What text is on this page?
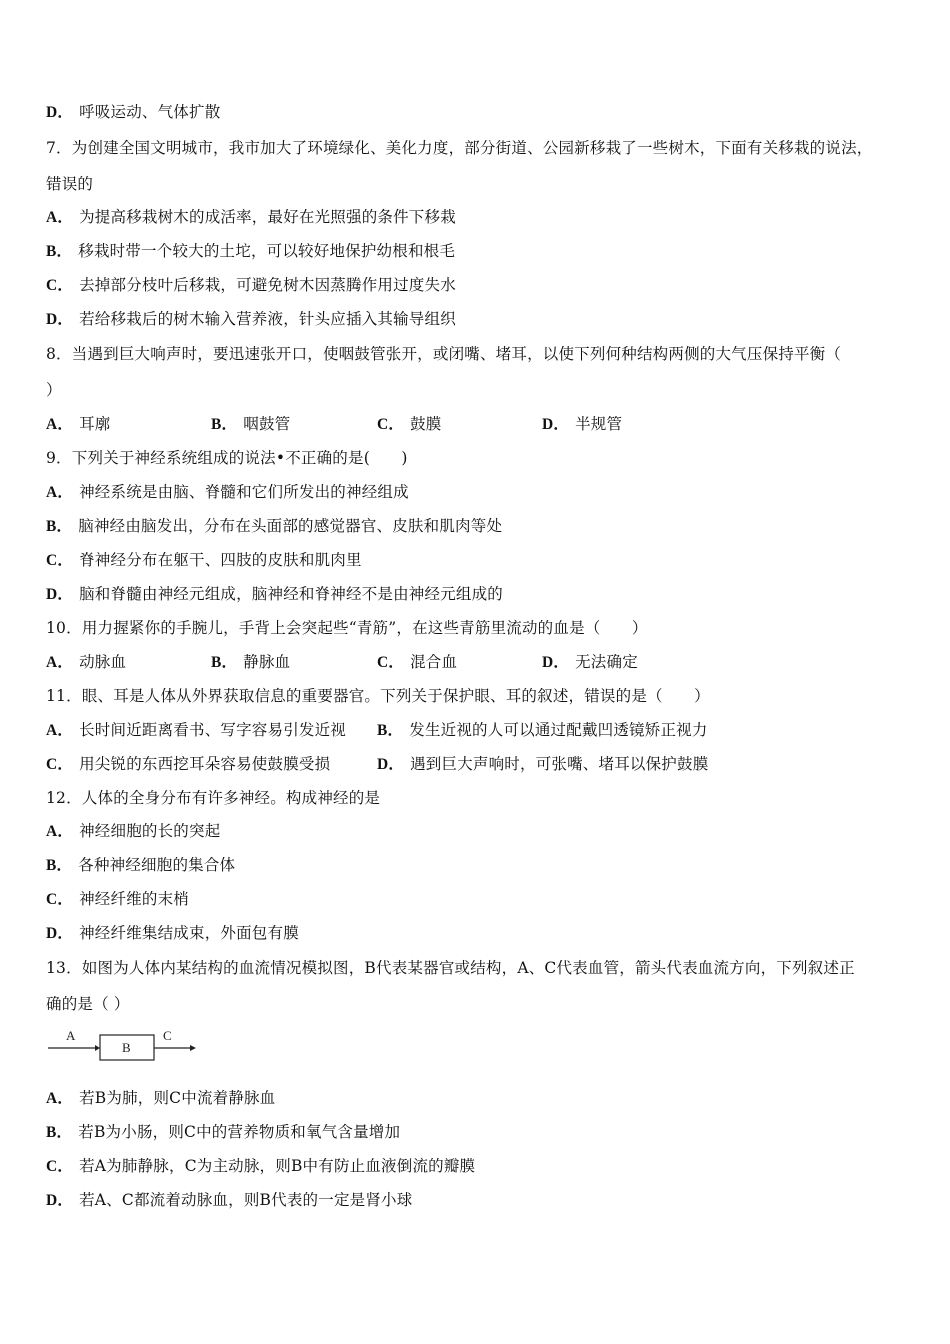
D． 呼吸运动、气体扩散
7．为创建全国文明城市，我市加大了环境绿化、美化力度，部分街道、公园新移栽了一些树木，下面有关移栽的说法，
错误的
A． 为提高移栽树木的成活率，最好在光照强的条件下移栽
B． 移栽时带一个较大的土坨，可以较好地保护幼根和根毛
C． 去掉部分枝叶后移栽，可避免树木因蒸腾作用过度失水
D． 若给移栽后的树木输入营养液，针头应插入其输导组织
8．当遇到巨大响声时，要迅速张开口，使咽鼓管张开，或闭嘴、堵耳，以使下列何种结构两侧的大气压保持平衡（
）
A． 耳廓	B． 咽鼓管	C． 鼓膜	D． 半规管
9．下列关于神经系统组成的说法•不正确的是(　　)
A． 神经系统是由脑、脊髓和它们所发出的神经组成
B． 脑神经由脑发出，分布在头面部的感觉器官、皮肤和肌肉等处
C． 脊神经分布在躯干、四肢的皮肤和肌肉里
D． 脑和脊髓由神经元组成，脑神经和脊神经不是由神经元组成的
10．用力握紧你的手腕儿，手背上会突起些“青筋”，在这些青筋里流动的血是（　　）
A． 动脉血	B． 静脉血	C． 混合血	D． 无法确定
11．眼、耳是人体从外界获取信息的重要器官。下列关于保护眼、耳的叙述，错误的是（　　）
A． 长时间近距离看书、写字容易引发近视 B． 发生近视的人可以通过配戴凹透镜矫正视力
C． 用尖锐的东西挖耳朵容易使鼓膜受损	D． 遇到巨大声响时，可张嘴、堵耳以保护鼓膜
12．人体的全身分布有许多神经。构成神经的是
A． 神经细胞的长的突起
B． 各种神经细胞的集合体
C． 神经纤维的末梢
D． 神经纤维集结成束，外面包有膜
13．如图为人体内某结构的血流情况模拟图，B代表某器官或结构，A、C代表血管，箭头代表血流方向，下列叙述正
确的是（ ）
A
B
C
A． 若B为肺，则C中流着静脉血
B． 若B为小肠，则C中的营养物质和氧气含量增加
C． 若A为肺静脉，C为主动脉，则B中有防止血液倒流的瓣膜
D． 若A、C都流着动脉血，则B代表的一定是肾小球
